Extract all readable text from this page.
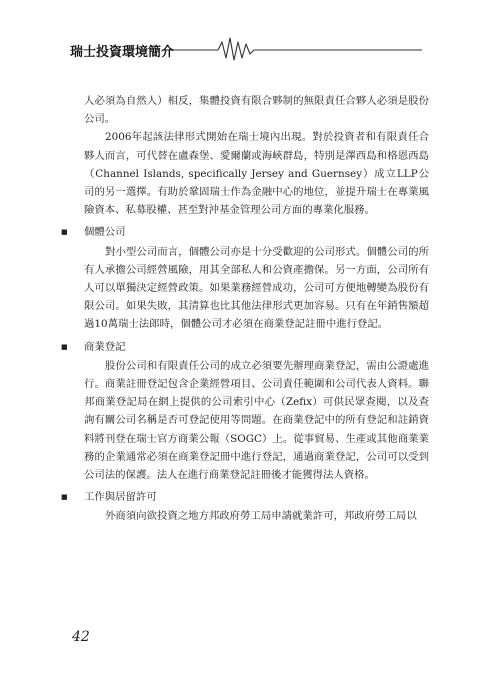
瑞士投資環境簡介

人必須為自然人）相反，集體投資有限合夥制的無限責任合夥人必須是股份公司。

2006年起該法律形式開始在瑞士境內出現。對於投資者和有限責任合夥人而言，可代替在盧森堡、愛爾蘭或海峽群島，特別是澤西島和格恩西島（Channel Islands, specifically Jersey and Guernsey）成立LLP公司的另一選擇。有助於鞏固瑞士作為金融中心的地位，並提升瑞士在專業風險資本、私募股權、甚至對沖基金管理公司方面的專業化服務。

■ 個體公司

對小型公司而言，個體公司亦是十分受歡迎的公司形式。個體公司的所有人承擔公司經營風險，用其全部私人和公資產擔保。另一方面，公司所有人可以單獨決定經營政策。如果業務經營成功，公司可方便地轉變為股份有限公司。如果失敗，其清算也比其他法律形式更加容易。只有在年銷售額超過10萬瑞士法郎時，個體公司才必須在商業登記註冊中進行登記。

■ 商業登記

股份公司和有限責任公司的成立必須要先辦理商業登記，需由公證處進行。商業註冊登記包含企業經營項目、公司責任範圍和公司代表人資料。聯邦商業登記局在網上提供的公司索引中心（Zefix）可供民眾查閱，以及查詢有關公司名稱是否可登記使用等問題。在商業登記中的所有登記和註銷資料將刊登在瑞士官方商業公報（SOGC）上。從事貿易、生產或其他商業業務的企業通常必須在商業登記冊中進行登記，通過商業登記，公司可以受到公司法的保護。法人在進行商業登記註冊後才能獲得法人資格。

■ 工作與居留許可

外商須向欲投資之地方邦政府勞工局申請就業許可，邦政府勞工局以

42
